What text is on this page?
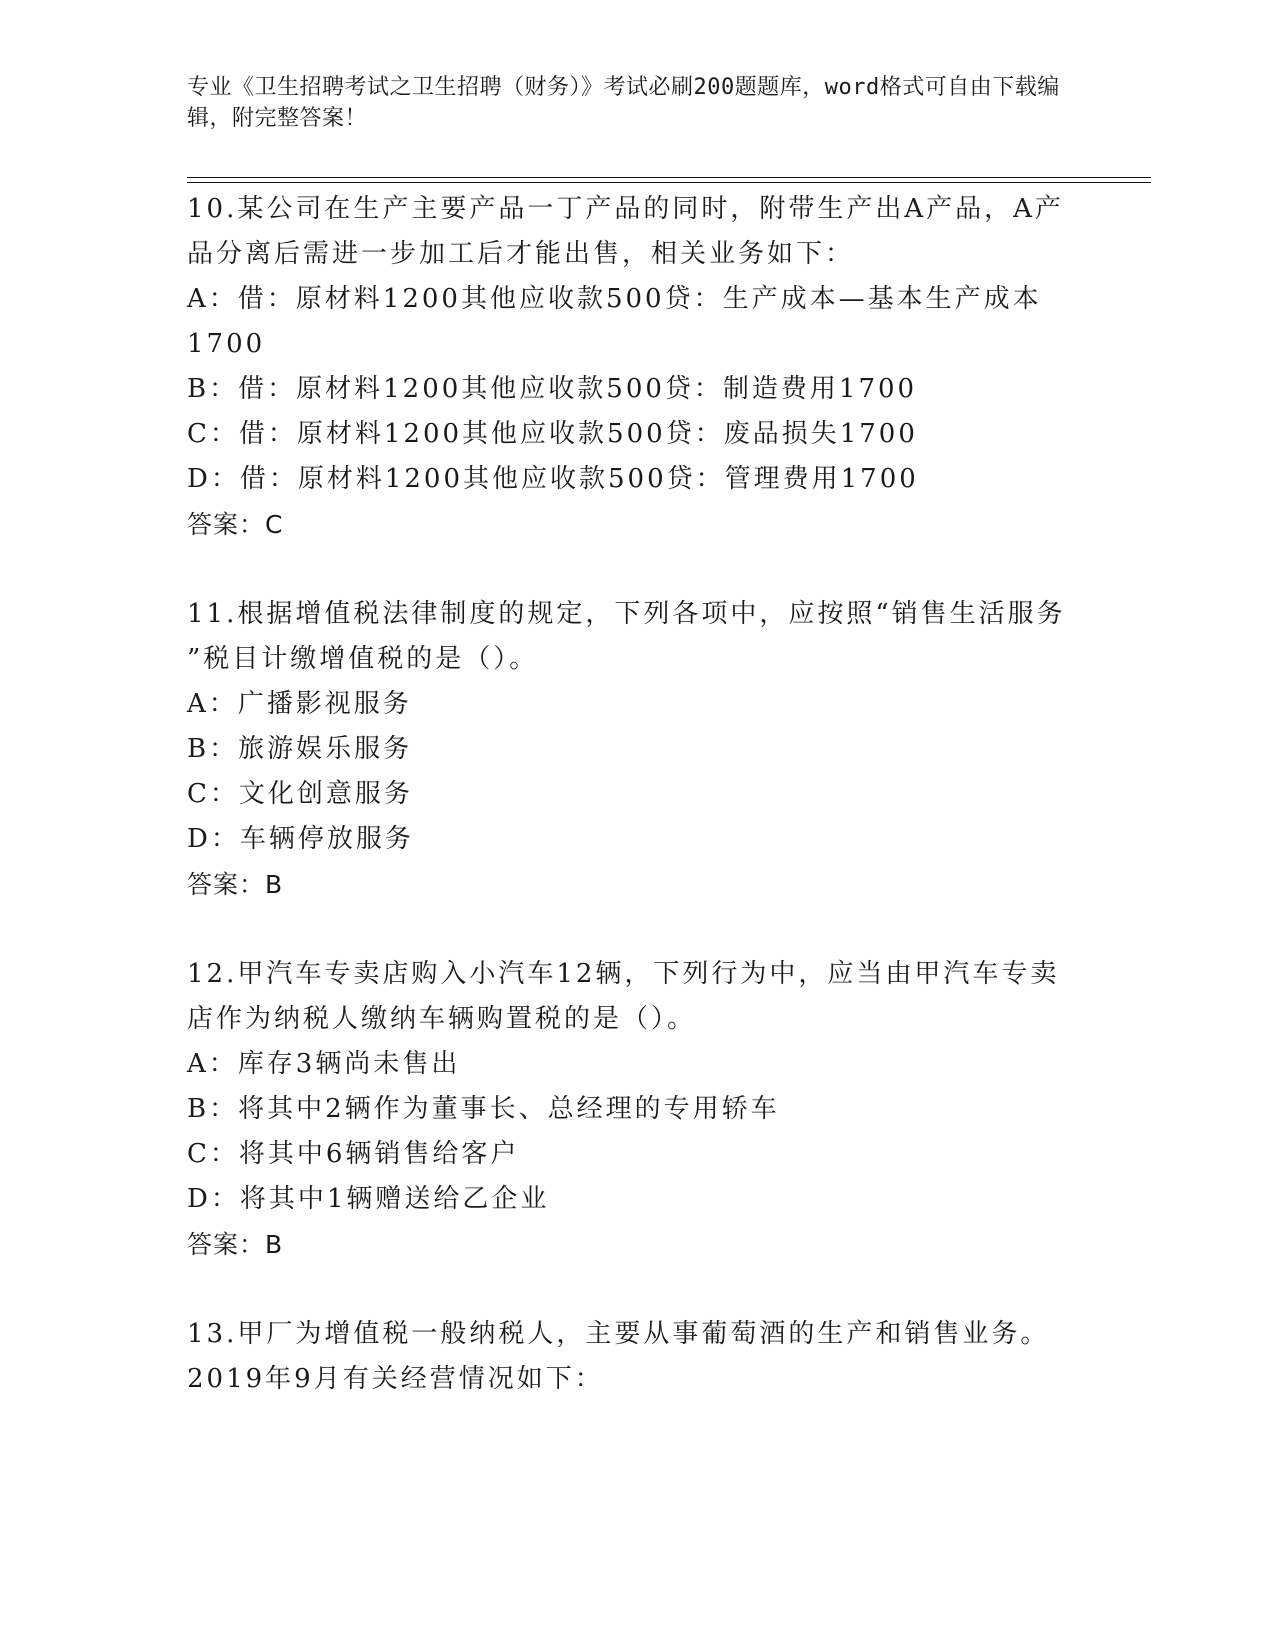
专业《卫生招聘考试之卫生招聘（财务）》考试必刷200题题库，word格式可自由下载编辑，附完整答案！
10.某公司在生产主要产品一丁产品的同时，附带生产出A产品，A产
品分离后需进一步加工后才能出售，相关业务如下：
A：借：原材料1200其他应收款500贷：生产成本—基本生产成本
1700
B：借：原材料1200其他应收款500贷：制造费用1700
C：借：原材料1200其他应收款500贷：废品损失1700
D：借：原材料1200其他应收款500贷：管理费用1700
答案：C
11.根据增值税法律制度的规定，下列各项中，应按照“销售生活服务
”税目计缴增值税的是（）。
A：广播影视服务
B：旅游娱乐服务
C：文化创意服务
D：车辆停放服务
答案：B
12.甲汽车专卖店购入小汽车12辆，下列行为中，应当由甲汽车专卖
店作为纳税人缴纳车辆购置税的是（）。
A：库存3辆尚未售出
B：将其中2辆作为董事长、总经理的专用轿车
C：将其中6辆销售给客户
D：将其中1辆赠送给乙企业
答案：B
13.甲厂为增值税一般纳税人，主要从事葡萄酒的生产和销售业务。
2019年9月有关经营情况如下：
